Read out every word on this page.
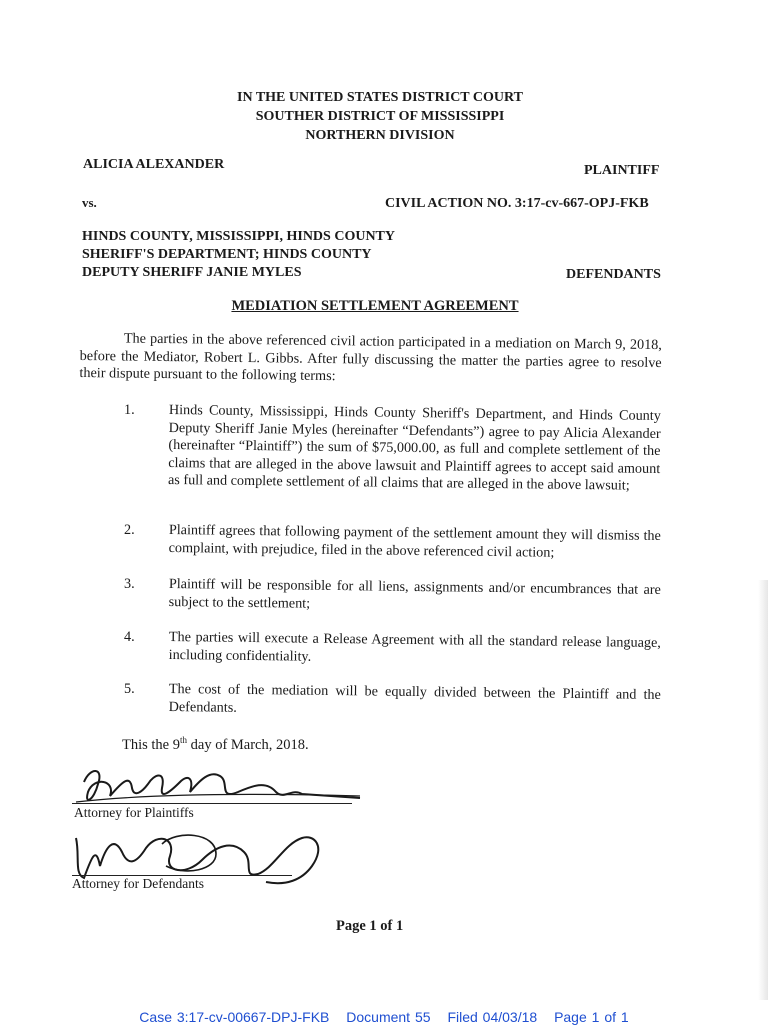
IN THE UNITED STATES DISTRICT COURT
SOUTHER DISTRICT OF MISSISSIPPI
NORTHERN DIVISION
ALICIA ALEXANDER	PLAINTIFF
vs.	CIVIL ACTION NO. 3:17-cv-667-OPJ-FKB
HINDS COUNTY, MISSISSIPPI, HINDS COUNTY
SHERIFF'S DEPARTMENT; HINDS COUNTY
DEPUTY SHERIFF JANIE MYLES	DEFENDANTS
MEDIATION SETTLEMENT AGREEMENT
The parties in the above referenced civil action participated in a mediation on March 9, 2018, before the Mediator, Robert L. Gibbs. After fully discussing the matter the parties agree to resolve their dispute pursuant to the following terms:
1. Hinds County, Mississippi, Hinds County Sheriff's Department, and Hinds County Deputy Sheriff Janie Myles (hereinafter “Defendants”) agree to pay Alicia Alexander (hereinafter “Plaintiff”) the sum of $75,000.00, as full and complete settlement of the claims that are alleged in the above lawsuit and Plaintiff agrees to accept said amount as full and complete settlement of all claims that are alleged in the above lawsuit;
2. Plaintiff agrees that following payment of the settlement amount they will dismiss the complaint, with prejudice, filed in the above referenced civil action;
3. Plaintiff will be responsible for all liens, assignments and/or encumbrances that are subject to the settlement;
4. The parties will execute a Release Agreement with all the standard release language, including confidentiality.
5. The cost of the mediation will be equally divided between the Plaintiff and the Defendants.
This the 9th day of March, 2018.
Attorney for Plaintiffs
Attorney for Defendants
Page 1 of 1
Case 3:17-cv-00667-DPJ-FKB Document 55 Filed 04/03/18 Page 1 of 1
